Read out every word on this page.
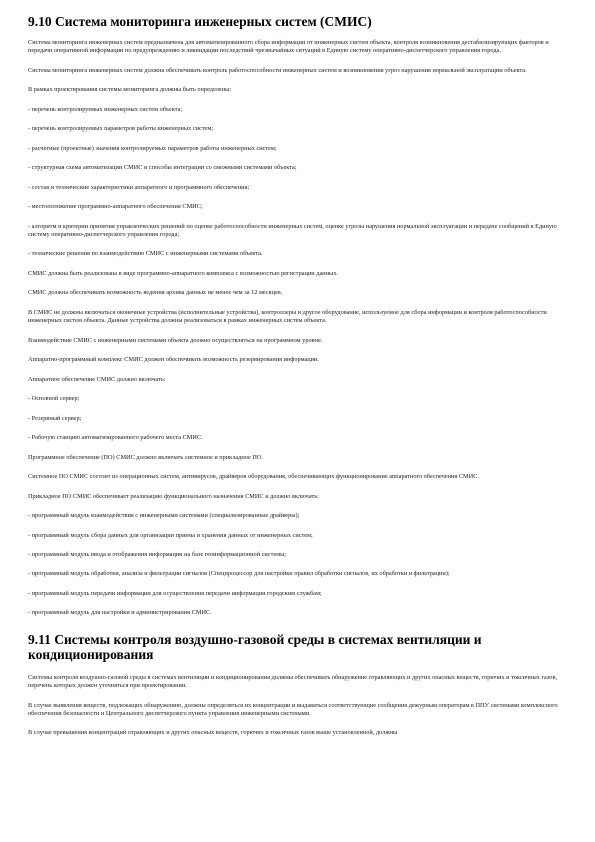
9.10 Система мониторинга инженерных систем (СМИС)

Система мониторинга инженерных систем предназначена для автоматизированного сбора информации от инженерных систем объекта, контроля возникновения дестабилизирующих факторов и передачи оперативной информации по предупреждению и ликвидации последствий чрезвычайных ситуаций в Единую систему оперативно-диспетчерского управления города.

Система мониторинга инженерных систем должна обеспечивать контроль работоспособности инженерных систем и возникновения угроз нарушения нормальной эксплуатации объекта.

В рамках проектирования системы мониторинга должны быть определены:

- перечень контролируемых инженерных систем объекта;

- перечень контролируемых параметров работы инженерных систем;

- расчетные (проектные) значения контролируемых параметров работы инженерных систем;

- структурная схема автоматизации СМИС и способы интеграции со смежными системами объекта;

- состав и технические характеристики аппаратного и программного обеспечения;

- местоположение программно-аппаратного обеспечения СМИС;

- алгоритм и критерии принятия управленческих решений по оценке работоспособности инженерных систем, оценке угрозы нарушения нормальной эксплуатации и передаче сообщений в Единую систему оперативно-диспетчерского управления города;

- технические решения по взаимодействию СМИС с инженерными системами объекта.

СМИС должна быть реализована в виде программно-аппаратного комплекса с возможностью регистрации данных.

СМИС должна обеспечивать возможность ведения архива данных не менее чем за 12 месяцев.

В СМИС не должны включаться оконечные устройства (исполнительные устройства), контроллеры и другое оборудование, используемое для сбора информации и контроля работоспособности инженерных систем объекта. Данные устройства должны реализоваться в рамках инженерных систем объекта.

Взаимодействие СМИС с инженерными системами объекта должно осуществляться на программном уровне.

Аппаратно-программный комплекс СМИС должен обеспечивать возможность резервирования информации.

Аппаратное обеспечение СМИС должно включать:

- Основной сервер;

- Резервный сервер;

- Рабочую станцию автоматизированного рабочего места СМИС.

Программное обеспечение (ПО) СМИС должно включать системное и прикладное ПО.

Системное ПО СМИС состоит из операционных систем, антивирусов, драйверов оборудования, обеспечивающих функционирование аппаратного обеспечения СМИС.

Прикладное ПО СМИС обеспечивает реализацию функционального назначения СМИС и должно включать:

- программный модуль взаимодействия с инженерными системами (специализированные драйверы);

- программный модуль сбора данных для организации приема и хранения данных от инженерных систем;

- программный модуль ввода и отображения информации на базе геоинформационной системы;

- программный модуль обработки, анализа и фильтрации сигналов (Спецпроцессор для настройки правил обработки сигналов, их обработки и фильтрации);

- программный модуль передачи информации для осуществления передачи информации городским службам;

- программный модуль для настройки и администрирования СМИС.

9.11 Системы контроля воздушно-газовой среды в системах вентиляции и кондиционирования

Системы контроля воздушно-газовой среды в системах вентиляции и кондиционирования должны обеспечивать обнаружение отравляющих и других опасных веществ, горючих и токсичных газов, перечень которых должен уточняться при проектировании.

В случае выявления веществ, подлежащих обнаружению, должны определяться их концентрации и выдаваться соответствующие сообщения дежурным операторам в ППУ системами комплексного обеспечения безопасности и Центрального диспетчерского пункта управления инженерными системами.

В случае превышения концентраций отравляющих и других опасных веществ, горючих и токсичных газов выше установленной, должны
